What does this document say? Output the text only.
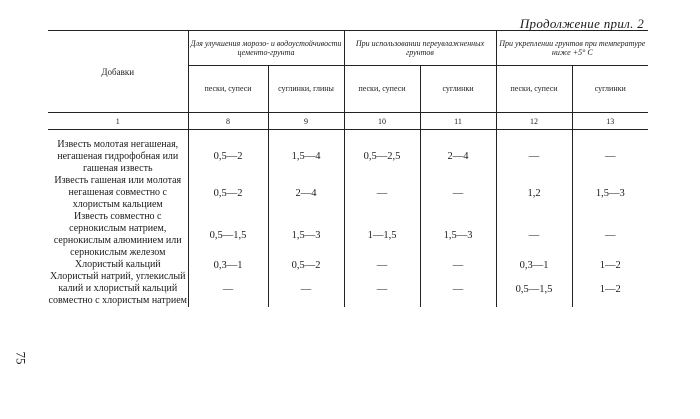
Продолжение прил. 2
75
Добавки	Для улучшения морозо- и водоустойчивости цементо-грунта		При использовании переувлажненных грунтов		При укреплении грунтов при температуре ниже +5° С	
	пески, супеси	суглинки, глины	пески, супеси	суглинки	пески, супеси	суглинки
1	8	9	10	11	12	13
Известь молотая негашеная, негашеная гидрофобная или гашеная известь	0,5—2	1,5—4	0,5—2,5	2—4	—	—
Известь гашеная или молотая негашеная совместно с хлористым кальцием	0,5—2	2—4	—	—	1,2	1,5—3
Известь совместно с сернокислым натрием, сернокислым алюминием или сернокислым железом	0,5—1,5	1,5—3	1—1,5	1,5—3	—	—
Хлористый кальций	0,3—1	0,5—2	—	—	0,3—1	1—2
Хлористый натрий, углекислый калий и хлористый кальций совместно с хлористым натрием	—	—	—	—	0,5—1,5	1—2
